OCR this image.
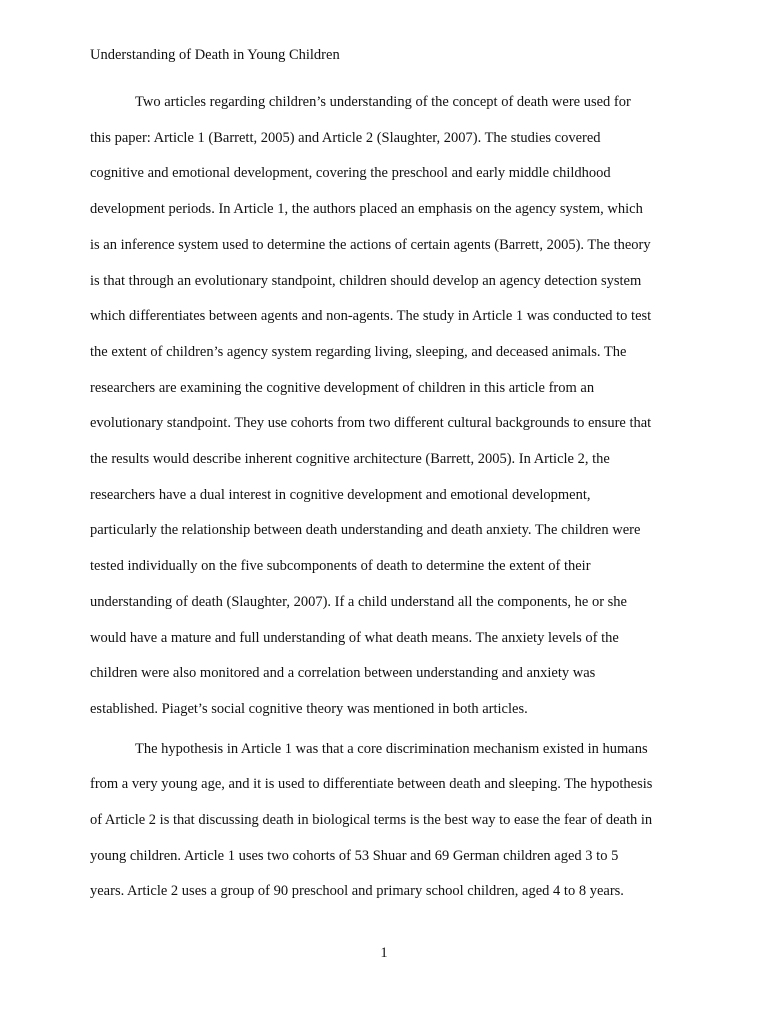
Understanding of Death in Young Children
Two articles regarding children’s understanding of the concept of death were used for
this paper: Article 1 (Barrett, 2005) and Article 2 (Slaughter, 2007). The studies covered
cognitive and emotional development, covering the preschool and early middle childhood
development periods. In Article 1, the authors placed an emphasis on the agency system, which
is an inference system used to determine the actions of certain agents (Barrett, 2005). The theory
is that through an evolutionary standpoint, children should develop an agency detection system
which differentiates between agents and non-agents. The study in Article 1 was conducted to test
the extent of children’s agency system regarding living, sleeping, and deceased animals. The
researchers are examining the cognitive development of children in this article from an
evolutionary standpoint. They use cohorts from two different cultural backgrounds to ensure that
the results would describe inherent cognitive architecture (Barrett, 2005). In Article 2, the
researchers have a dual interest in cognitive development and emotional development,
particularly the relationship between death understanding and death anxiety. The children were
tested individually on the five subcomponents of death to determine the extent of their
understanding of death (Slaughter, 2007). If a child understand all the components, he or she
would have a mature and full understanding of what death means. The anxiety levels of the
children were also monitored and a correlation between understanding and anxiety was
established. Piaget’s social cognitive theory was mentioned in both articles.
The hypothesis in Article 1 was that a core discrimination mechanism existed in humans
from a very young age, and it is used to differentiate between death and sleeping. The hypothesis
of Article 2 is that discussing death in biological terms is the best way to ease the fear of death in
young children. Article 1 uses two cohorts of 53 Shuar and 69 German children aged 3 to 5
years. Article 2 uses a group of 90 preschool and primary school children, aged 4 to 8 years.
1
